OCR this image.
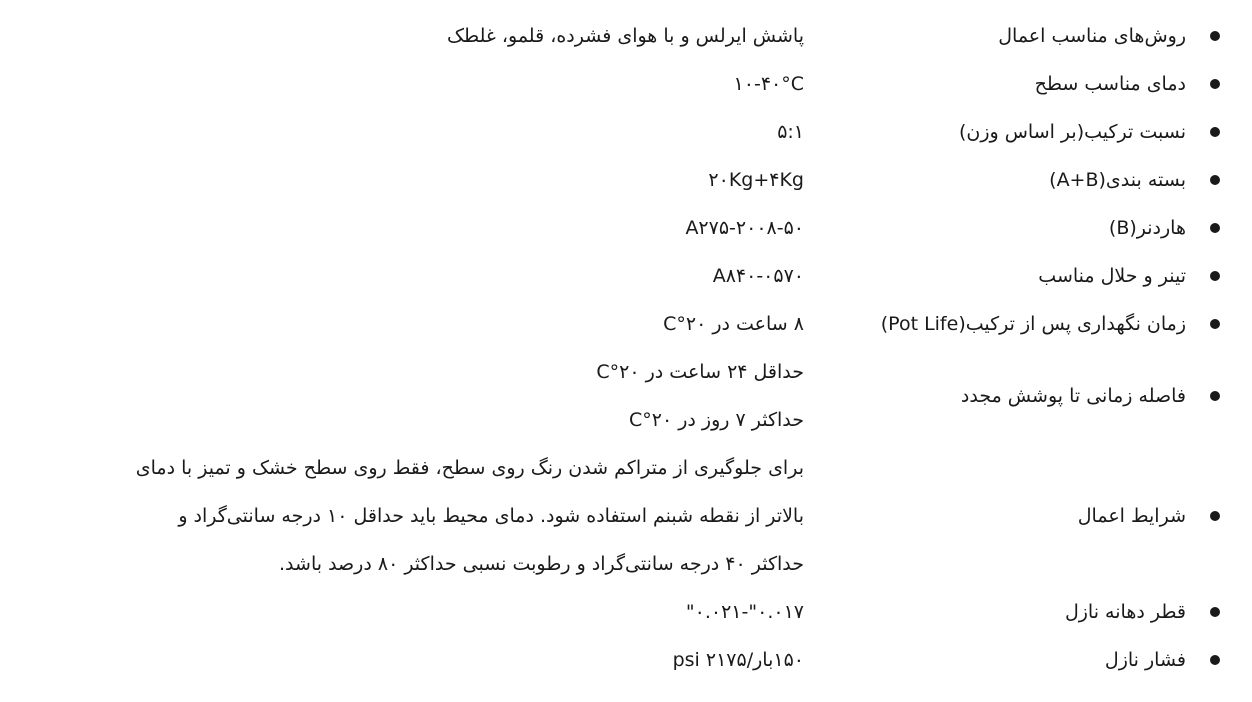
روش‌های مناسب اعمال
پاشش ایرلس و با هوای فشرده، قلمو، غلطک
دمای مناسب سطح
۱۰-۴۰°C
نسبت ترکیب(بر اساس وزن)
۵:۱
بسته بندی(A+B)
۲۰Kg+۴Kg
هاردنر(B)
A۲۷۵-۲۰۰۸-۵۰
تینر و حلال مناسب
A۸۴۰-۰۵۷۰
زمان نگهداری پس از ترکیب(Pot Life)
۸ ساعت در ۲۰°C
فاصله زمانی تا پوشش مجدد
حداقل ۲۴ ساعت در ۲۰°C
حداکثر ۷ روز در ۲۰°C
شرایط اعمال
برای جلوگیری از متراکم شدن رنگ روی سطح، فقط روی سطح خشک و تمیز با دمای
بالاتر از نقطه شبنم استفاده شود. دمای محیط باید حداقل ۱۰ درجه سانتی‌گراد و
حداکثر ۴۰ درجه سانتی‌گراد و رطوبت نسبی حداکثر ۸۰ درصد باشد.
قطر دهانه نازل
۰.۰۱۷"-۰.۰۲۱"
فشار نازل
۱۵۰بار/۲۱۷۵ psi
